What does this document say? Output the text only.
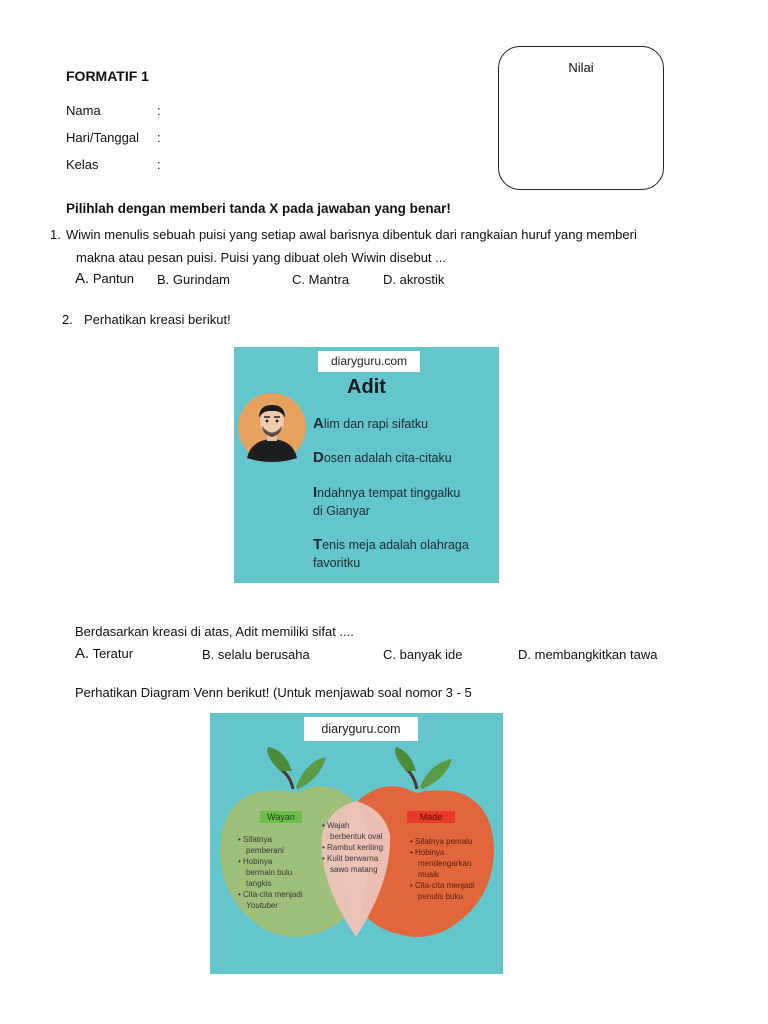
FORMATIF 1
Nama	:
Hari/Tanggal :
Kelas	:
Nilai
Pilihlah dengan memberi tanda X pada jawaban yang benar!
1. Wiwin menulis sebuah puisi yang setiap awal barisnya dibentuk dari rangkaian huruf yang memberi
makna atau pesan puisi. Puisi yang dibuat oleh Wiwin disebut ...
A. Pantun B. Gurindam	C. Mantra	D. akrostik
2. Perhatikan kreasi berikut!
diaryguru.com
Adit
Alim dan rapi sifatku
Dosen adalah cita-citaku
Indahnya tempat tinggalku
di Gianyar
Tenis meja adalah olahraga
favoritku
Berdasarkan kreasi di atas, Adit memiliki sifat ....
A. Teratur	B. selalu berusaha	C. banyak ide	D. membangkitkan tawa
Perhatikan Diagram Venn berikut! (Untuk menjawab soal nomor 3 - 5
diaryguru.com
Wayan	Made
• Sifatnya
pemberani
• Hobinya
bermain bulu
tangkis
• Cita-cita menjadi
Youtuber
• Wajah
berbentuk oval
• Rambut keriting
• Kulit berwarna
sawo matang
• Sifatnya pemalu
• Hobinya
mendengarkan
musik
• Cita-cita menjadi
penulis buku
